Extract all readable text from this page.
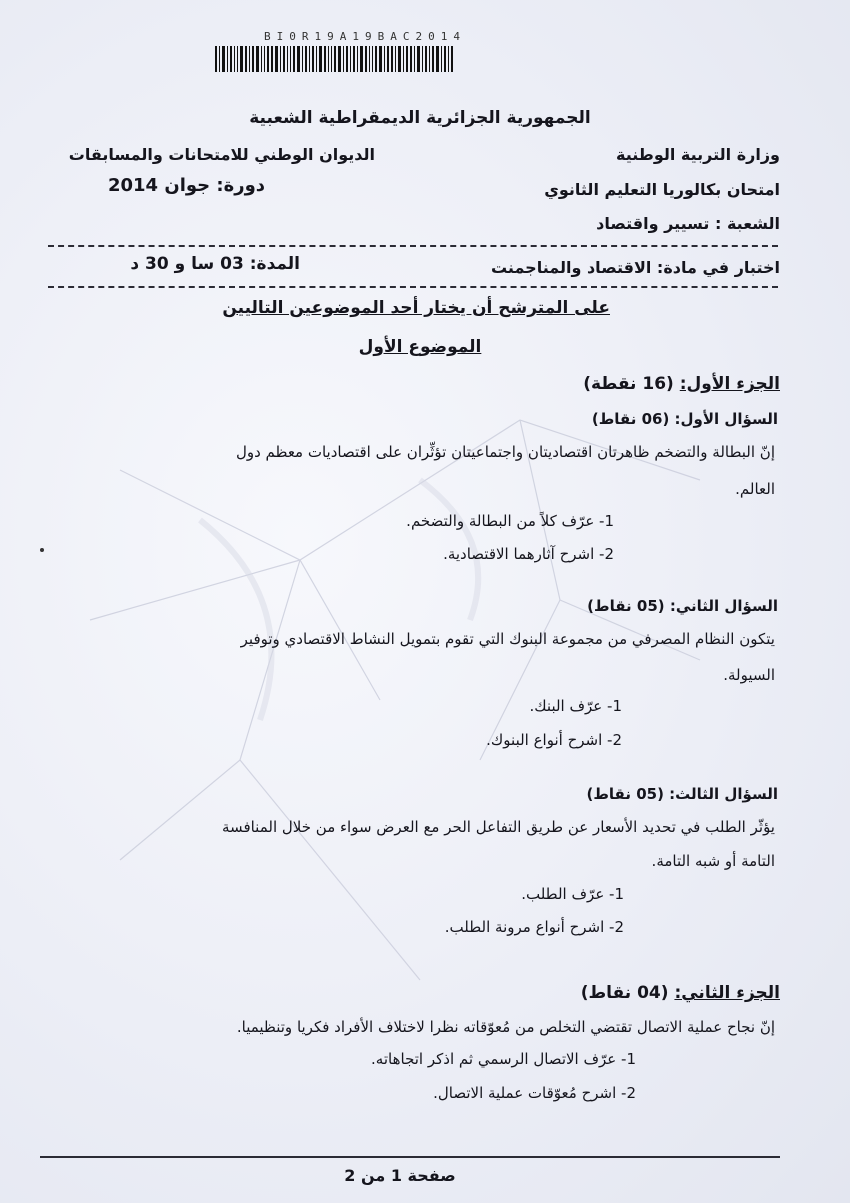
BI0R19A19BAC2014
الجمهورية الجزائرية الديمقراطية الشعبية
وزارة التربية الوطنية
الديوان الوطني للامتحانات والمسابقات
امتحان بكالوريا التعليم الثانوي
دورة: جوان 2014
الشعبة : تسيير واقتصاد
اختبار في مادة: الاقتصاد والمناجمنت
المدة: 03 سا و 30 د
على المترشح أن يختار أحد الموضوعين التاليين
الموضوع الأول
الجزء الأول: (16 نقطة)
السؤال الأول: (06 نقاط)
إنّ البطالة والتضخم ظاهرتان اقتصاديتان واجتماعيتان تؤثِّران على اقتصاديات معظم دول
العالم.
1- عرّف كلاً من البطالة والتضخم.
2- اشرح آثارهما الاقتصادية.
السؤال الثاني: (05 نقاط)
يتكون النظام المصرفي من مجموعة البنوك التي تقوم بتمويل النشاط الاقتصادي وتوفير
السيولة.
1- عرّف البنك.
2- اشرح أنواع البنوك.
السؤال الثالث: (05 نقاط)
يؤثّر الطلب في تحديد الأسعار عن طريق التفاعل الحر مع العرض سواء من خلال المنافسة
التامة أو شبه التامة.
1- عرّف الطلب.
2- اشرح أنواع مرونة الطلب.
الجزء الثاني: (04 نقاط)
إنّ نجاح عملية الاتصال تقتضي التخلص من مُعوّقاته نظرا لاختلاف الأفراد فكريا وتنظيميا.
1- عرّف الاتصال الرسمي ثم اذكر اتجاهاته.
2- اشرح مُعوّقات عملية الاتصال.
صفحة 1 من 2
